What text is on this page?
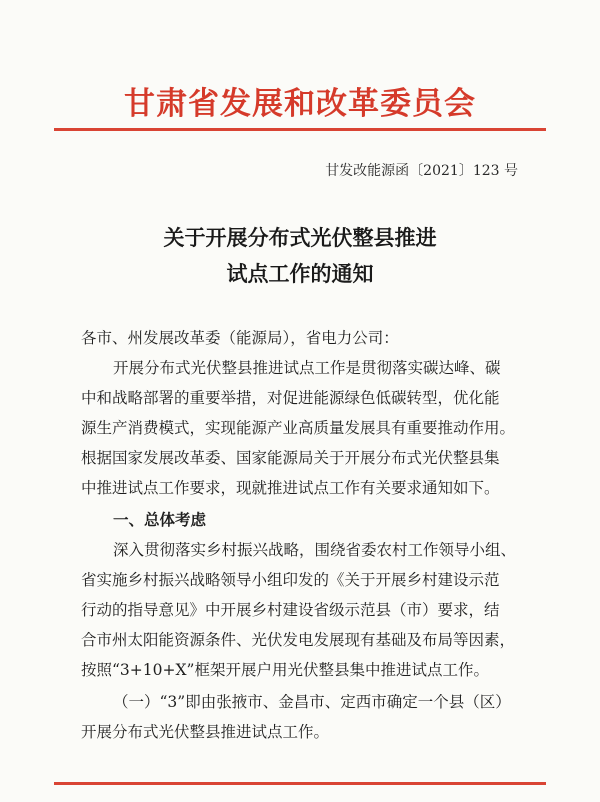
甘肃省发展和改革委员会
甘发改能源函〔2021〕123 号
关于开展分布式光伏整县推进
试点工作的通知
各市、州发展改革委（能源局），省电力公司：
开展分布式光伏整县推进试点工作是贯彻落实碳达峰、碳
中和战略部署的重要举措，对促进能源绿色低碳转型，优化能
源生产消费模式，实现能源产业高质量发展具有重要推动作用。
根据国家发展改革委、国家能源局关于开展分布式光伏整县集
中推进试点工作要求，现就推进试点工作有关要求通知如下。
一、总体考虑
深入贯彻落实乡村振兴战略，围绕省委农村工作领导小组、
省实施乡村振兴战略领导小组印发的《关于开展乡村建设示范
行动的指导意见》中开展乡村建设省级示范县（市）要求，结
合市州太阳能资源条件、光伏发电发展现有基础及布局等因素，
按照“3+10+X”框架开展户用光伏整县集中推进试点工作。
（一）“3”即由张掖市、金昌市、定西市确定一个县（区）
开展分布式光伏整县推进试点工作。
